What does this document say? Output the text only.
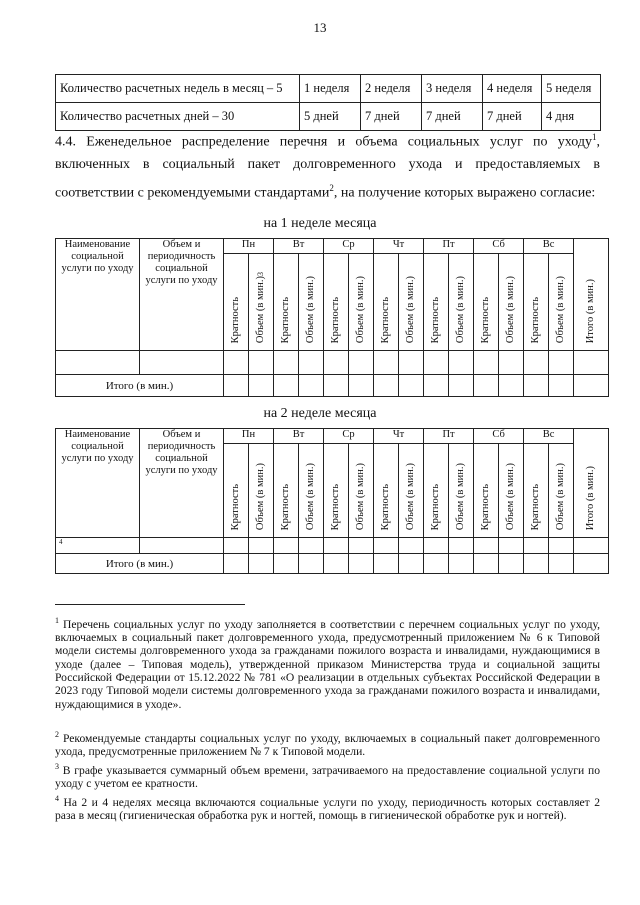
13
Количество расчетных недель в месяц – 5	1 неделя	2 неделя	3 неделя	4 неделя	5 неделя
Количество расчетных дней – 30	5 дней	7 дней	7 дней	7 дней	4 дня
4.4. Еженедельное распределение перечня и объема социальных услуг по уходу$^1$, включенных в социальный пакет долговременного ухода и предоставляемых в соответствии с рекомендуемыми стандартами$^2$, на получение которых выражено согласие:
на 1 неделе месяца
Наименование социальной услуги по уходу	Объем и периодичность социальной услуги по уходу	Пн		Вт		Ср		Чт		Пт		Сб		Вс		Итого (в мин.)
		Кратность	Объем (в мин.)$^3$	Кратность	Объем (в мин.)	Кратность	Объем (в мин.)	Кратность	Объем (в мин.)	Кратность	Объем (в мин.)	Кратность	Объем (в мин.)	Кратность	Объем (в мин.)	

Итого (в мин.)																
на 2 неделе месяца
Наименование социальной услуги по уходу	Объем и периодичность социальной услуги по уходу	Пн		Вт		Ср		Чт		Пт		Сб		Вс		Итого (в мин.)
		Кратность	Объем (в мин.)	Кратность	Объем (в мин.)	Кратность	Объем (в мин.)	Кратность	Объем (в мин.)	Кратность	Объем (в мин.)	Кратность	Объем (в мин.)	Кратность	Объем (в мин.)	
4																
Итого (в мин.)																
$^1$ Перечень социальных услуг по уходу заполняется в соответствии с перечнем социальных услуг по уходу, включаемых в социальный пакет долговременного ухода, предусмотренный приложением № 6 к Типовой модели системы долговременного ухода за гражданами пожилого возраста и инвалидами, нуждающимися в уходе (далее – Типовая модель), утвержденной приказом Министерства труда и социальной защиты Российской Федерации от 15.12.2022 № 781 «О реализации в отдельных субъектах Российской Федерации в 2023 году Типовой модели системы долговременного ухода за гражданами пожилого возраста и инвалидами, нуждающимися в уходе».
$^2$ Рекомендуемые стандарты социальных услуг по уходу, включаемых в социальный пакет долговременного ухода, предусмотренные приложением № 7 к Типовой модели.
$^3$ В графе указывается суммарный объем времени, затрачиваемого на предоставление социальной услуги по уходу с учетом ее кратности.
$^4$ На 2 и 4 неделях месяца включаются социальные услуги по уходу, периодичность которых составляет 2 раза в месяц (гигиеническая обработка рук и ногтей, помощь в гигиенической обработке рук и ногтей).
